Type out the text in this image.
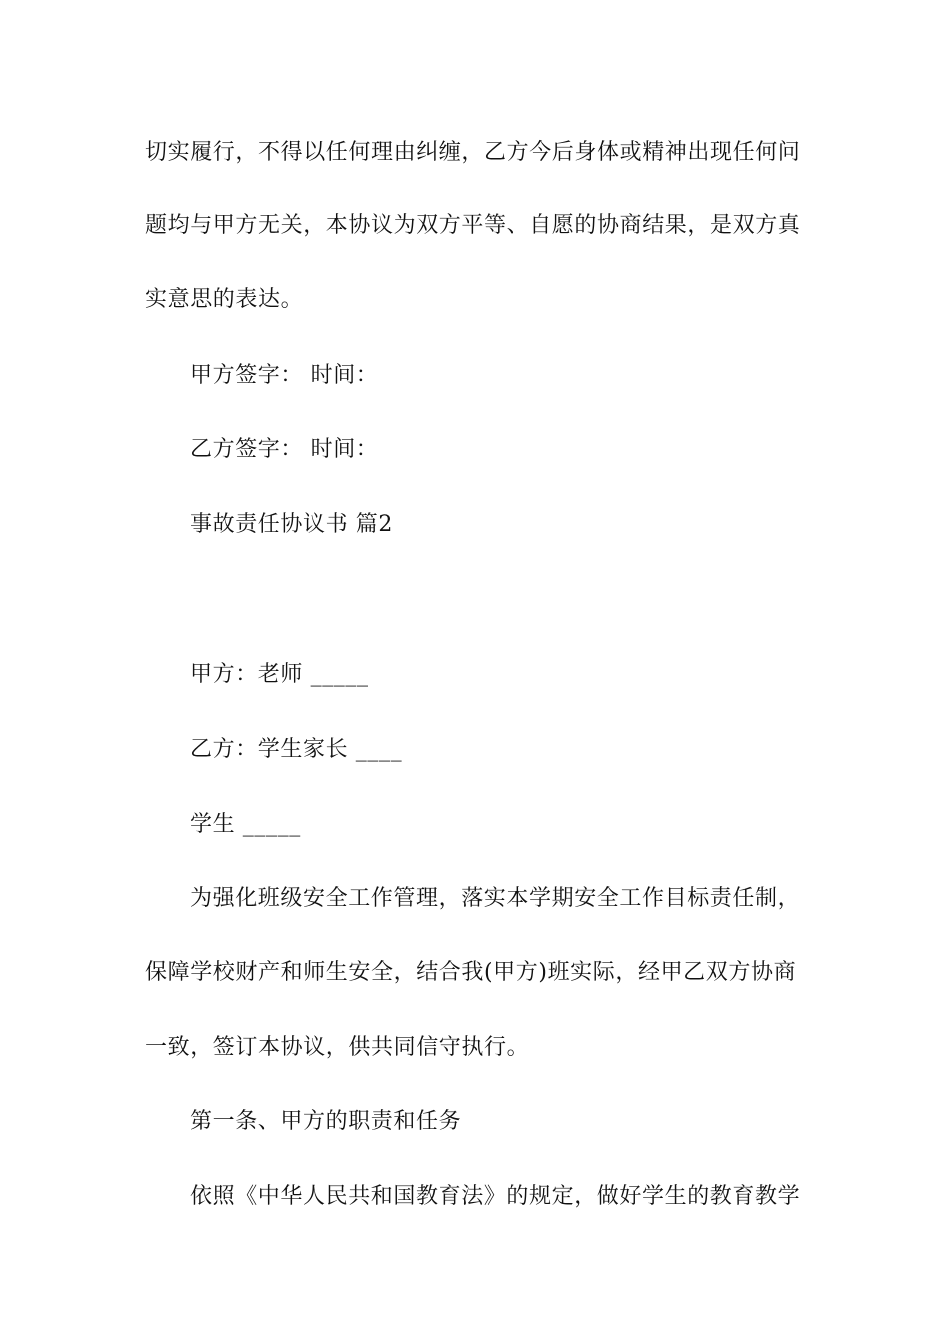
切实履行，不得以任何理由纠缠，乙方今后身体或精神出现任何问
题均与甲方无关，本协议为双方平等、自愿的协商结果，是双方真
实意思的表达。
甲方签字： 时间：
乙方签字： 时间：
事故责任协议书 篇2
甲方：老师 _____
乙方：学生家长 ____
学生 _____
为强化班级安全工作管理，落实本学期安全工作目标责任制，
保障学校财产和师生安全，结合我(甲方)班实际，经甲乙双方协商
一致，签订本协议，供共同信守执行。
第一条、甲方的职责和任务
依照《中华人民共和国教育法》的规定，做好学生的教育教学
